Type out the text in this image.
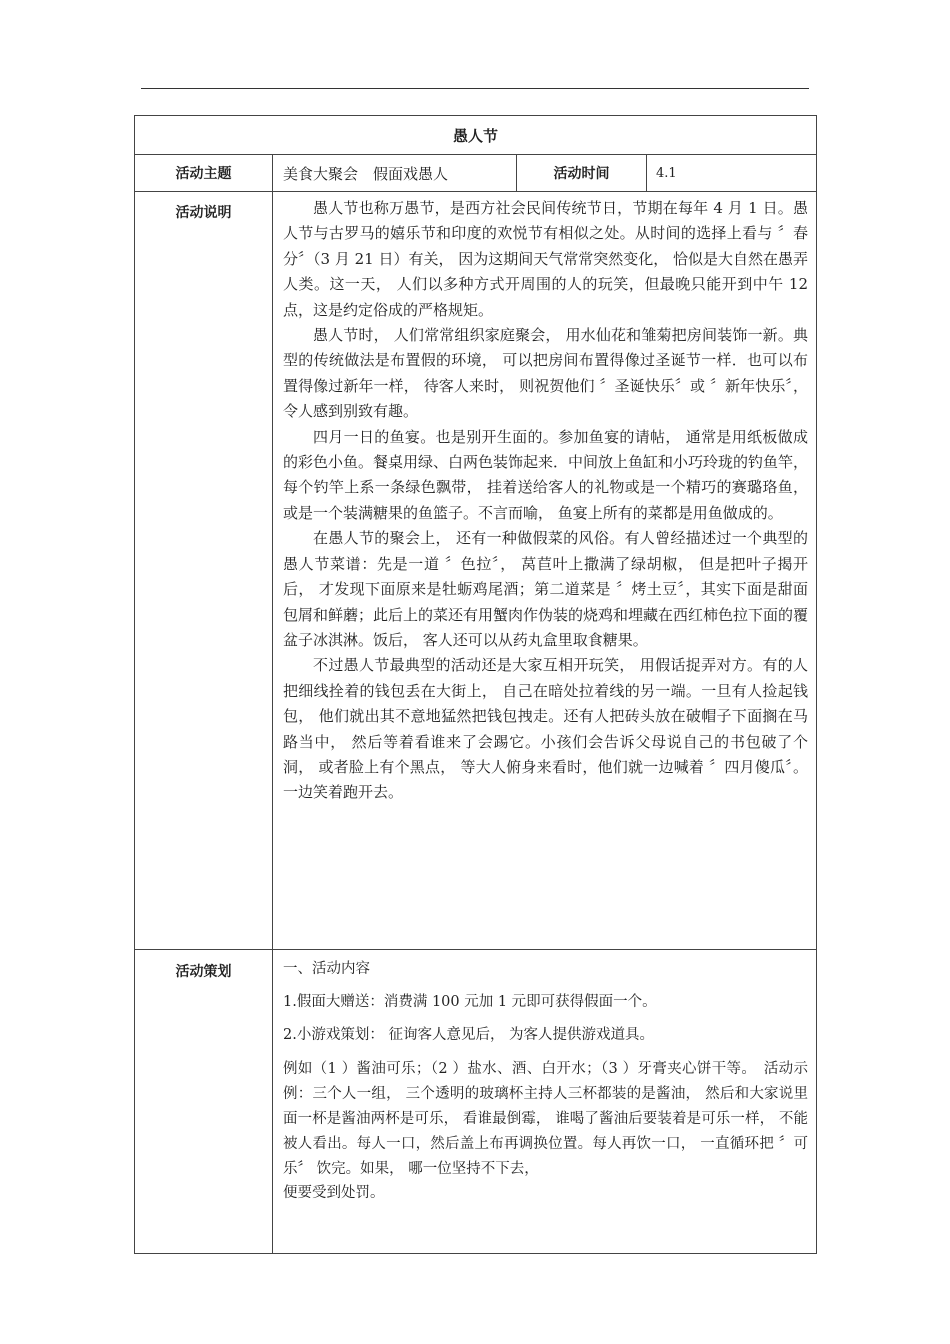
愚人节			
活动主题	美食大聚会　假面戏愚人	活动时间	4.1
活动说明	愚人节也称万愚节，是西方社会民间传统节日，节期在每年 4 月 1 日。愚人节与古罗马的嬉乐节和印度的欢悦节有相似之处。从时间的选择上看与 〞春分〞（3 月 21 日）有关， 因为这期间天气常常突然变化， 恰似是大自然在愚弄人类。这一天， 人们以多种方式开周围的人的玩笑，但最晚只能开到中午 12 点，这是约定俗成的严格规矩。

愚人节时， 人们常常组织家庭聚会， 用水仙花和雏菊把房间装饰一新。典型的传统做法是布置假的环境， 可以把房间布置得像过圣诞节一样．也可以布置得像过新年一样， 待客人来时， 则祝贺他们 〞圣诞快乐〞或 〞新年快乐〞， 令人感到别致有趣。

四月一日的鱼宴。也是别开生面的。参加鱼宴的请帖， 通常是用纸板做成的彩色小鱼。餐桌用绿、白两色装饰起来．中间放上鱼缸和小巧玲珑的钓鱼竿， 每个钓竿上系一条绿色飘带， 挂着送给客人的礼物或是一个精巧的赛璐珞鱼， 或是一个装满糖果的鱼篮子。不言而喻， 鱼宴上所有的菜都是用鱼做成的。

在愚人节的聚会上， 还有一种做假菜的风俗。有人曾经描述过一个典型的愚人节菜谱：先是一道 〞色拉〞， 莴苣叶上撒满了绿胡椒， 但是把叶子揭开后， 才发现下面原来是牡蛎鸡尾酒；第二道菜是 〞烤土豆〞，其实下面是甜面包屑和鲜蘑；此后上的菜还有用蟹肉作伪装的烧鸡和埋藏在西红柿色拉下面的覆盆子冰淇淋。饭后， 客人还可以从药丸盒里取食糖果。

不过愚人节最典型的活动还是大家互相开玩笑， 用假话捉弄对方。有的人把细线拴着的钱包丢在大街上， 自己在暗处拉着线的另一端。一旦有人捡起钱包， 他们就出其不意地猛然把钱包拽走。还有人把砖头放在破帽子下面搁在马路当中， 然后等着看谁来了会踢它。小孩们会告诉父母说自己的书包破了个洞， 或者脸上有个黑点， 等大人俯身来看时，他们就一边喊着 〞四月傻瓜〞。一边笑着跑开去。		

活动策划	一、活动内容
1.假面大赠送：消费满 100 元加 1 元即可获得假面一个。
2.小游戏策划： 征询客人意见后， 为客人提供游戏道具。
例如（1 ）酱油可乐；（2 ）盐水、酒、白开水；（3 ）牙膏夹心饼干等。　活动示例：三个人一组， 三个透明的玻璃杯主持人三杯都装的是酱油， 然后和大家说里面一杯是酱油两杯是可乐， 看谁最倒霉， 谁喝了酱油后要装着是可乐一样， 不能被人看出。每人一口，然后盖上布再调换位置。每人再饮一口， 一直循环把 〞可乐〞 饮完。如果， 哪一位坚持不下去，
便要受到处罚。		
